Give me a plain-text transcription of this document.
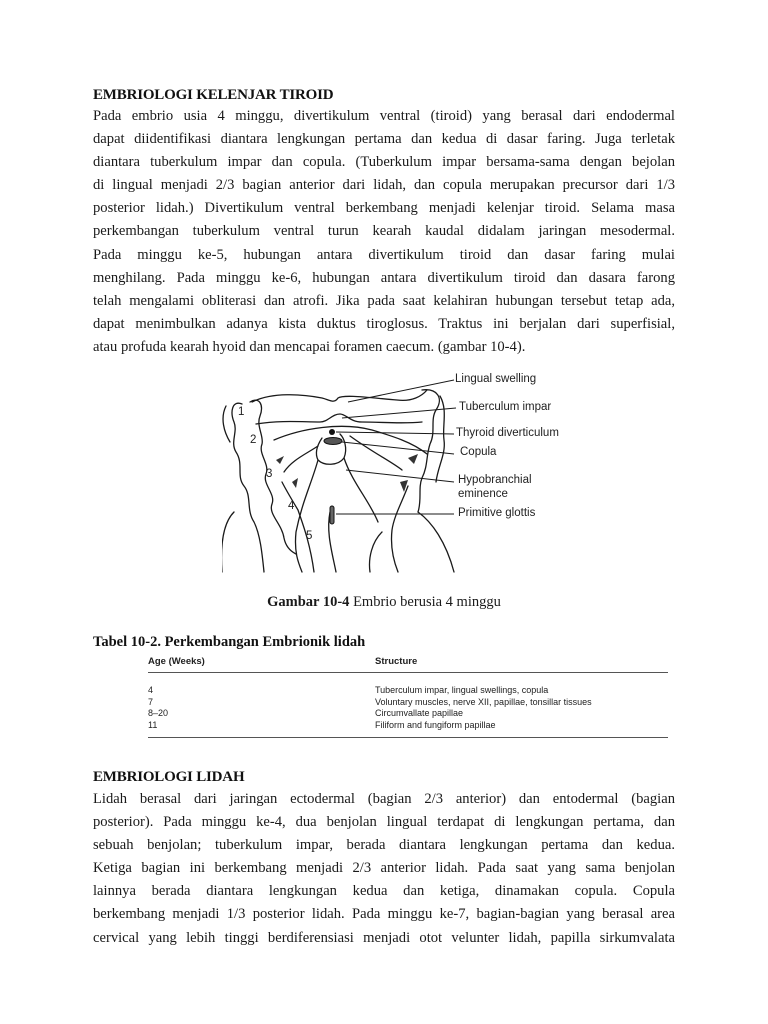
EMBRIOLOGI KELENJAR TIROID
Pada embrio usia 4 minggu, divertikulum ventral (tiroid) yang berasal dari endodermal
dapat diidentifikasi diantara lengkungan pertama dan kedua di dasar faring. Juga terletak
diantara tuberkulum impar dan copula. (Tuberkulum impar bersama-sama dengan bejolan
di lingual menjadi 2/3 bagian anterior dari lidah, dan copula merupakan precursor dari 1/3
posterior lidah.) Divertikulum ventral berkembang menjadi kelenjar tiroid. Selama masa
perkembangan tuberkulum ventral turun kearah kaudal didalam jaringan mesodermal.
Pada minggu ke-5, hubungan antara divertikulum tiroid dan dasar faring mulai
menghilang. Pada minggu ke-6, hubungan antara divertikulum tiroid dan dasara farong
telah mengalami obliterasi dan atrofi. Jika pada saat kelahiran hubungan tersebut tetap ada,
dapat menimbulkan adanya kista duktus tiroglosus. Traktus ini berjalan dari superfisial,
atau profuda kearah hyoid dan mencapai foramen caecum. (gambar 10-4).
1
2
3
4
5
Lingual swelling
Tuberculum impar
Thyroid diverticulum
Copula
Hypobranchial
eminence
Primitive glottis
Gambar 10-4 Embrio berusia 4 minggu
Tabel 10-2. Perkembangan Embrionik lidah
Age (Weeks)	Structure
4	Tuberculum impar, lingual swellings, copula
7	Voluntary muscles, nerve XII, papillae, tonsillar tissues
8–20	Circumvallate papillae
11	Filiform and fungiform papillae
EMBRIOLOGI LIDAH
Lidah berasal dari jaringan ectodermal (bagian 2/3 anterior) dan entodermal (bagian
posterior). Pada minggu ke-4, dua benjolan lingual terdapat di lengkungan pertama, dan
sebuah benjolan; tuberkulum impar, berada diantara lengkungan pertama dan kedua.
Ketiga bagian ini berkembang menjadi 2/3 anterior lidah. Pada saat yang sama benjolan
lainnya berada diantara lengkungan kedua dan ketiga, dinamakan copula. Copula
berkembang menjadi 1/3 posterior lidah. Pada minggu ke-7, bagian-bagian yang berasal area
cervical yang lebih tinggi berdiferensiasi menjadi otot velunter lidah, papilla sirkumvalata
